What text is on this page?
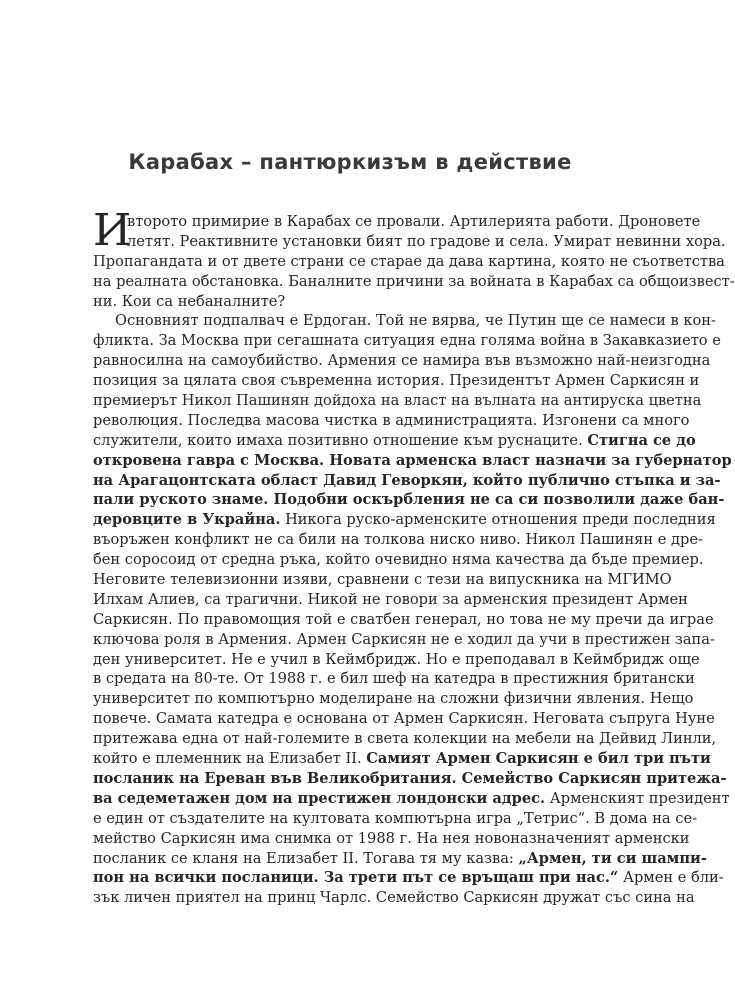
Карабах – пантюркизъм в действие
И
второто примирие в Карабах се провали. Артилерията работи. Дроновете
летят. Реактивните установки бият по градове и села. Умират невинни хора.
Пропагандата и от двете страни се старае да дава картина, която не съответства
на реалната обстановка. Баналните причини за войната в Карабах са общоизвест-
ни. Кои са небаналните?
Основният подпалвач е Ердоган. Той не вярва, че Путин ще се намеси в кон-
фликта. За Москва при сегашната ситуация една голяма война в Закавказието е
равносилна на самоубийство. Армения се намира във възможно най-неизгодна
позиция за цялата своя съвременна история. Президентът Армен Саркисян и
премиерът Никол Пашинян дойдоха на власт на вълната на антируска цветна
революция. Последва масова чистка в администрацията. Изгонени са много
служители, които имаха позитивно отношение към руснаците. Стигна се до
откровена гавра с Москва. Новата арменска власт назначи за губернатор
на Арагацонтската област Давид Геворкян, който публично стъпка и за-
пали руското знаме. Подобни оскърбления не са си позволили даже бан-
деровците в Украйна. Никога руско-арменските отношения преди последния
въоръжен конфликт не са били на толкова ниско ниво. Никол Пашинян е дре-
бен соросоид от средна ръка, който очевидно няма качества да бъде премиер.
Неговите телевизионни изяви, сравнени с тези на випускника на МГИМО
Илхам Алиев, са трагични. Никой не говори за арменския президент Армен
Саркисян. По правомощия той е сватбен генерал, но това не му пречи да играе
ключова роля в Армения. Армен Саркисян не е ходил да учи в престижен запа-
ден университет. Не е учил в Кеймбридж. Но е преподавал в Кеймбридж още
в средата на 80-те. От 1988 г. е бил шеф на катедра в престижния британски
университет по компютърно моделиране на сложни физични явления. Нещо
повече. Самата катедра е основана от Армен Саркисян. Неговата съпруга Нуне
притежава една от най-големите в света колекции на мебели на Дейвид Линли,
който е племенник на Елизабет II. Самият Армен Саркисян е бил три пъти
посланик на Ереван във Великобритания. Семейство Саркисян притежа-
ва седеметажен дом на престижен лондонски адрес. Арменският президент
е един от създателите на култовата компютърна игра „Тетрис“. В дома на се-
мейство Саркисян има снимка от 1988 г. На нея новоназначеният арменски
посланик се кланя на Елизабет II. Тогава тя му казва: „Армен, ти си шампи-
пон на всички посланици. За трети път се връщаш при нас.“ Армен е бли-
зък личен приятел на принц Чарлс. Семейство Саркисян дружат със сина на
